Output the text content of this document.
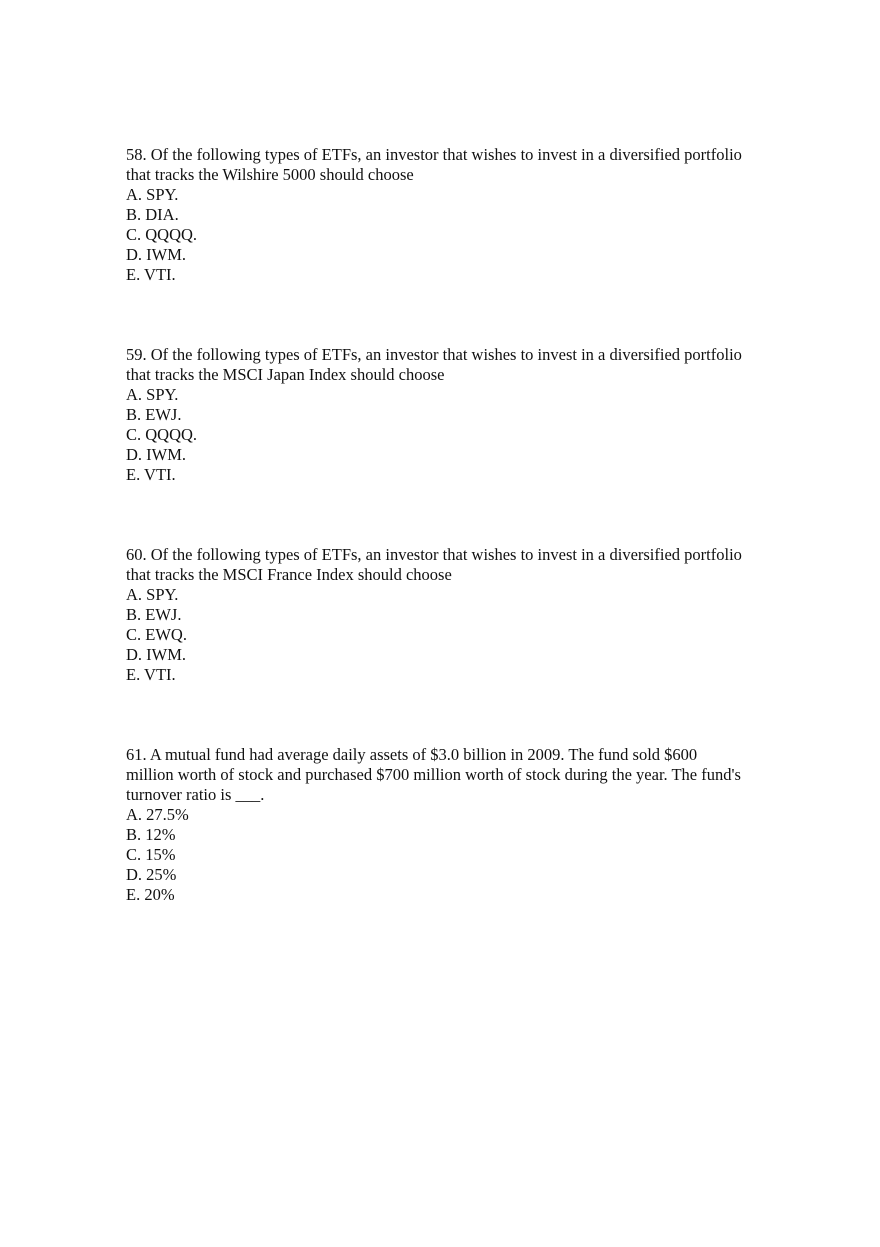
58. Of the following types of ETFs, an investor that wishes to invest in a diversified portfolio
that tracks the Wilshire 5000 should choose
A. SPY.
B. DIA.
C. QQQQ.
D. IWM.
E. VTI.
59. Of the following types of ETFs, an investor that wishes to invest in a diversified portfolio
that tracks the MSCI Japan Index should choose
A. SPY.
B. EWJ.
C. QQQQ.
D. IWM.
E. VTI.
60. Of the following types of ETFs, an investor that wishes to invest in a diversified portfolio
that tracks the MSCI France Index should choose
A. SPY.
B. EWJ.
C. EWQ.
D. IWM.
E. VTI.
61. A mutual fund had average daily assets of $3.0 billion in 2009. The fund sold $600
million worth of stock and purchased $700 million worth of stock during the year. The fund's
turnover ratio is ___.
A. 27.5%
B. 12%
C. 15%
D. 25%
E. 20%
